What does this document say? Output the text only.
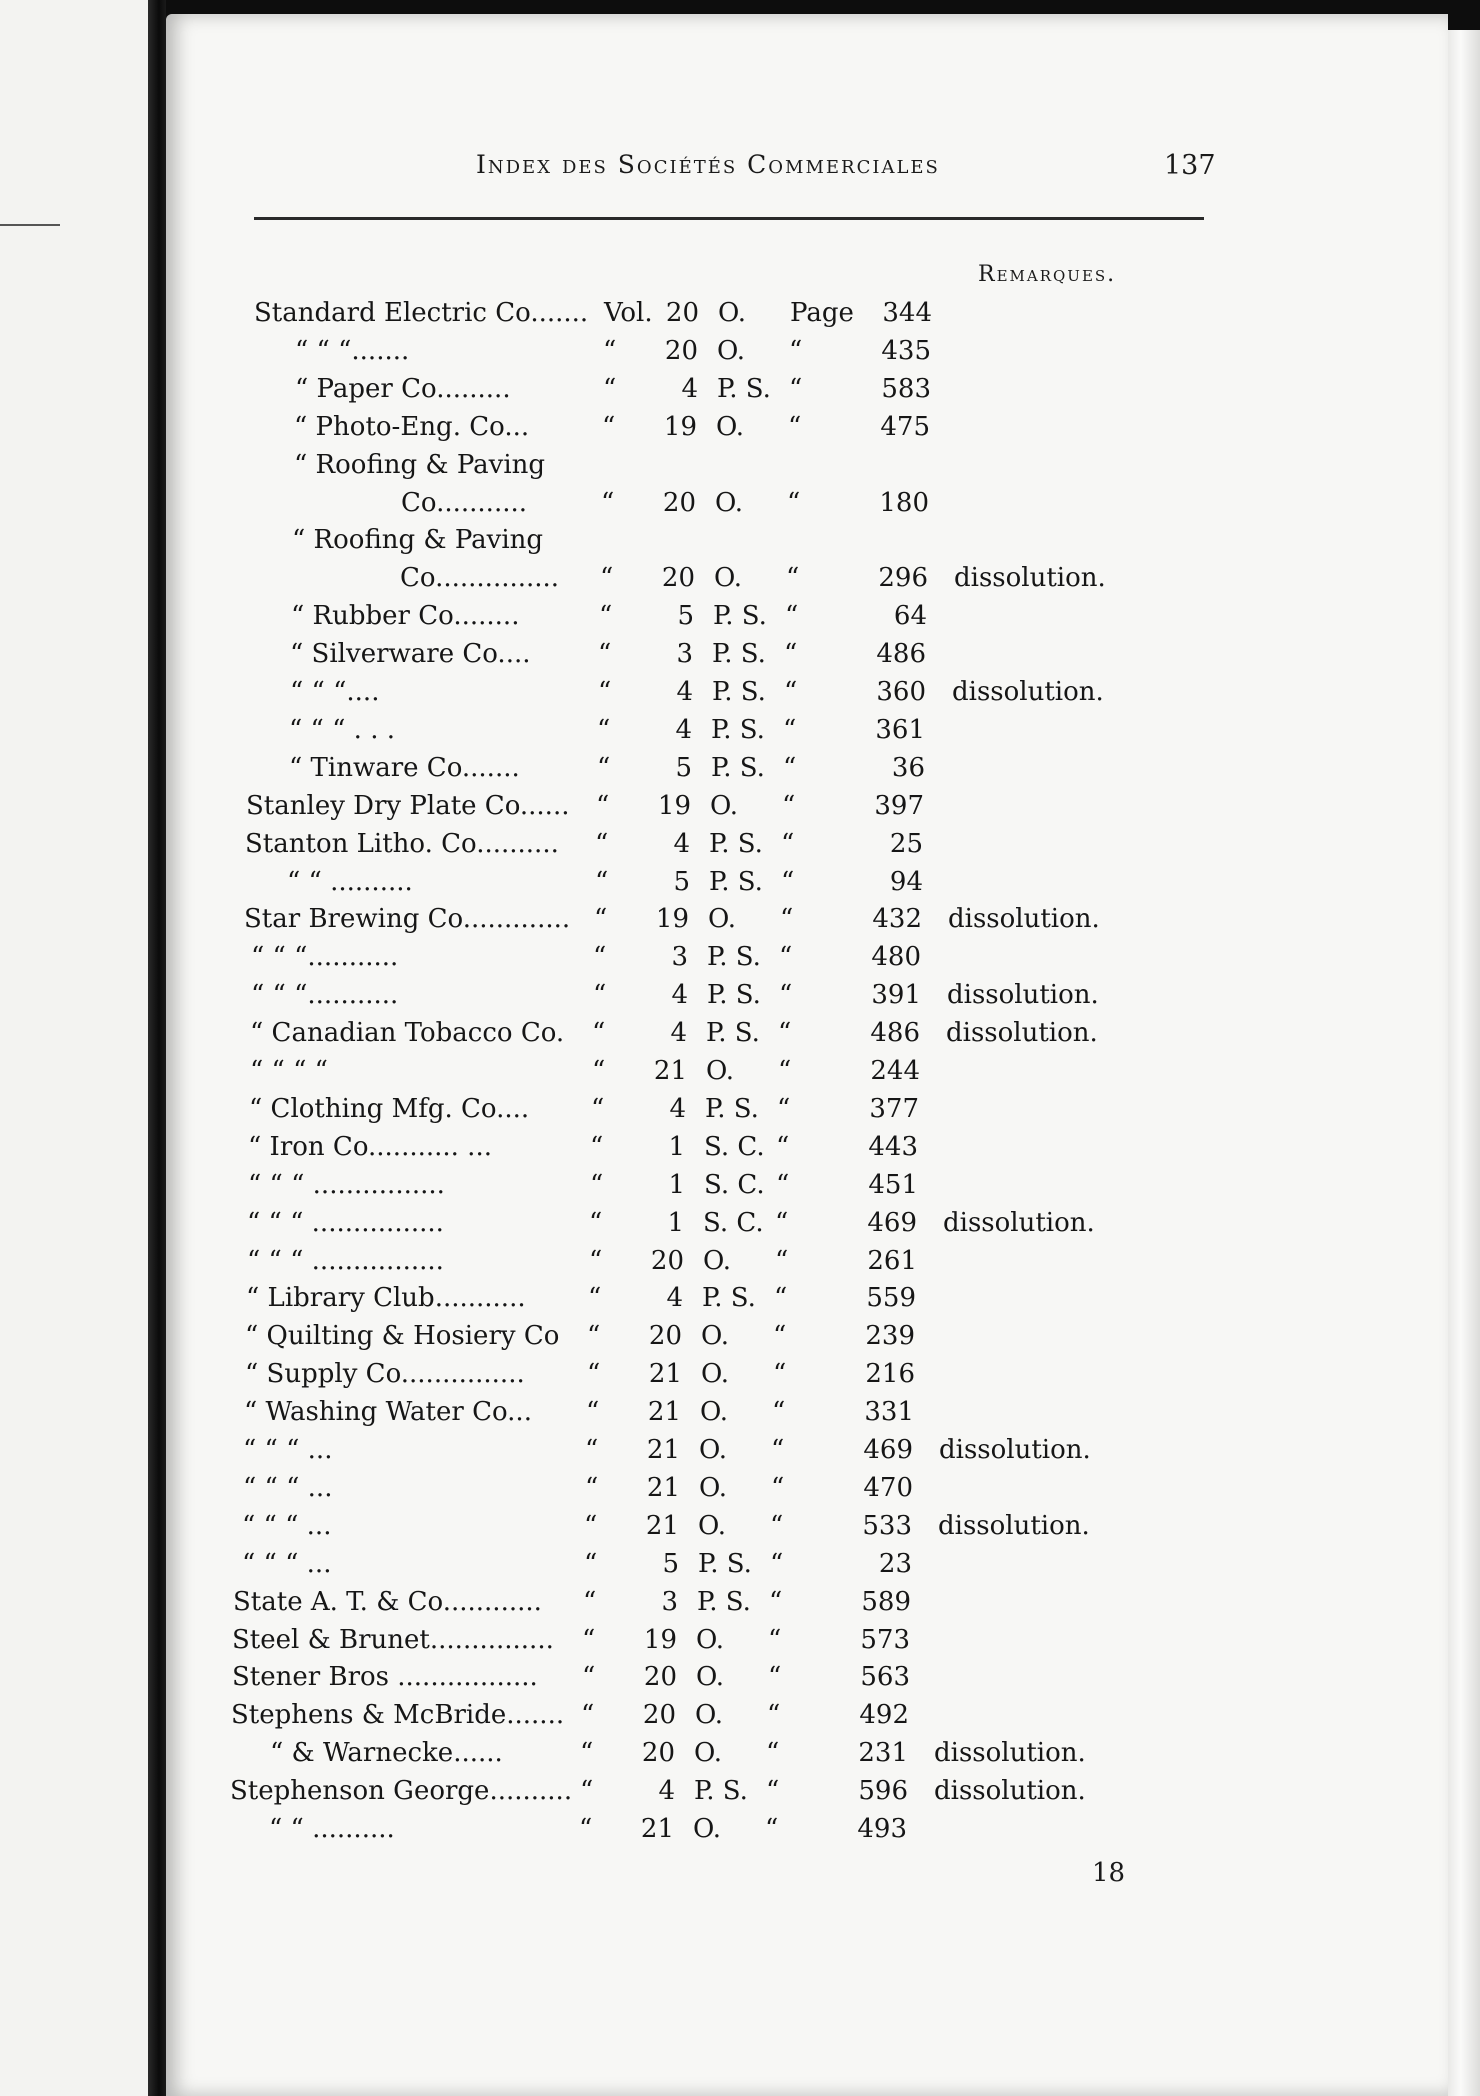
Index des Sociétés Commerciales	137
Remarques.
Standard Electric Co....... Vol. 20 O. Page	344
“ “ “.......	“	20 O. “	435
“ Paper Co.........	“	4 P. S. “	583
“ Photo-Eng. Co...	“	19 O. “	475
“ Roofing & Paving
Co...........	“	20 O. “	180
“ Roofing & Paving
Co............... “	20 O. “	296 dissolution.
“ Rubber Co........	“	5 P. S. “	64
“ Silverware Co....	“	3 P. S. “	486
“ “ “....	“	4 P. S. “	360 dissolution.
“ “ “ . . .	“	4 P. S. “	361
“ Tinware Co.......	“	5 P. S. “	36
Stanley Dry Plate Co...... “	19 O. “	397
Stanton Litho. Co.......... “	4 P. S. “	25
“ “ ..........	“	5 P. S. “	94
Star Brewing Co............. “	19 O. “	432 dissolution.
“ “ “...........	“	3 P. S. “	480
“ “ “...........	“	4 P. S. “	391 dissolution.
“ Canadian Tobacco Co. “	4 P. S. “	486 dissolution.
“ “ “ “	“	21 O. “	244
“ Clothing Mfg. Co.... “	4 P. S. “	377
“ Iron Co........... ...	“	1 S. C. “	443
“ “ “ ................	“	1 S. C. “	451
“ “ “ ................	“	1 S. C. “	469 dissolution.
“ “ “ ................	“	20 O. “	261
“ Library Club........... “	4 P. S. “	559
“ Quilting & Hosiery Co “	20 O. “	239
“ Supply Co............... “	21 O. “	216
“ Washing Water Co... “	21 O. “	331
“ “ “ ...	“	21 O. “	469 dissolution.
“ “ “ ...	“	21 O. “	470
“ “ “ ...	“	21 O. “	533 dissolution.
“ “ “ ...	“	5 P. S. “	23
State A. T. & Co............ “	3 P. S. “	589
Steel & Brunet............... “	19 O. “	573
Stener Bros ................. “	20 O. “	563
Stephens & McBride....... “	20 O. “	492
“ & Warnecke......	“	20 O. “	231 dissolution.
Stephenson George.......... “	4 P. S. “	596 dissolution.
“ “ ..........	“	21 O. “	493
18
